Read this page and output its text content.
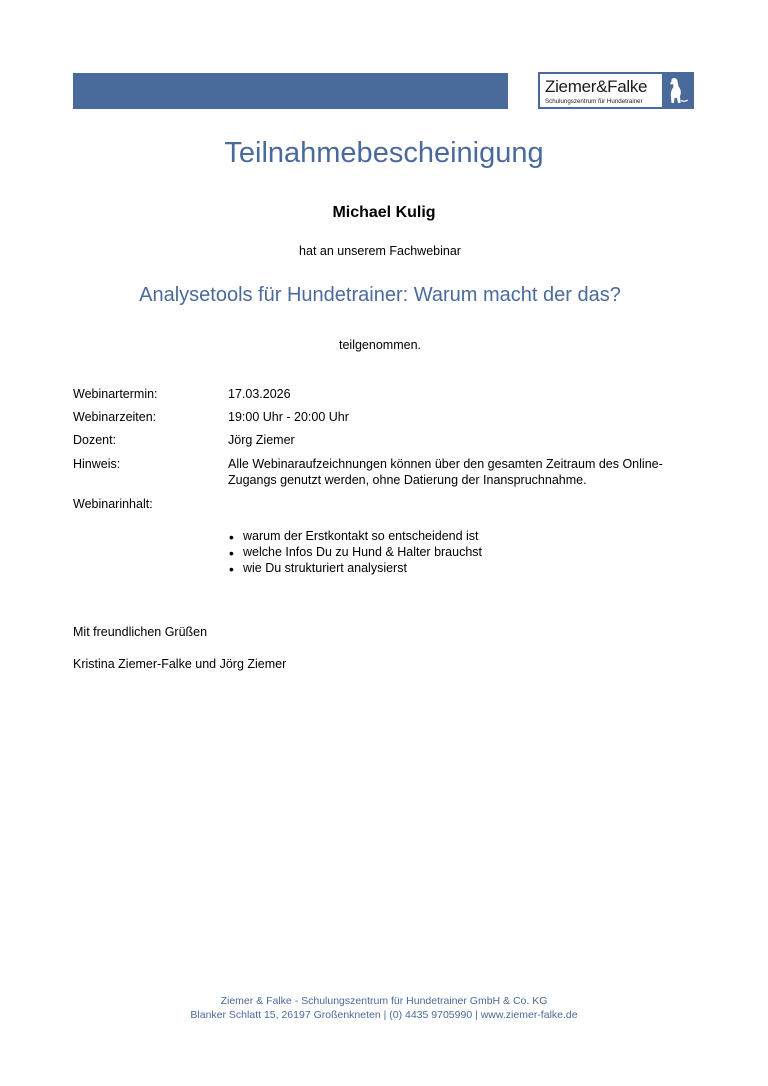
Ziemer&Falke
Schulungszentrum für Hundetrainer
Teilnahmebescheinigung
Michael Kulig
hat an unserem Fachwebinar
Analysetools für Hundetrainer: Warum macht der das?
teilgenommen.
Webinartermin:	17.03.2026
Webinarzeiten:	19:00 Uhr - 20:00 Uhr
Dozent:	Jörg Ziemer
Hinweis:	Alle Webinaraufzeichnungen können über den gesamten Zeitraum des Online-Zugangs genutzt werden, ohne Datierung der Inanspruchnahme.
Webinarinhalt:
• warum der Erstkontakt so entscheidend ist
• welche Infos Du zu Hund & Halter brauchst
• wie Du strukturiert analysierst
Mit freundlichen Grüßen
Kristina Ziemer-Falke und Jörg Ziemer
Ziemer & Falke - Schulungszentrum für Hundetrainer GmbH & Co. KG
Blanker Schlatt 15, 26197 Großenkneten | (0) 4435 9705990 | www.ziemer-falke.de
